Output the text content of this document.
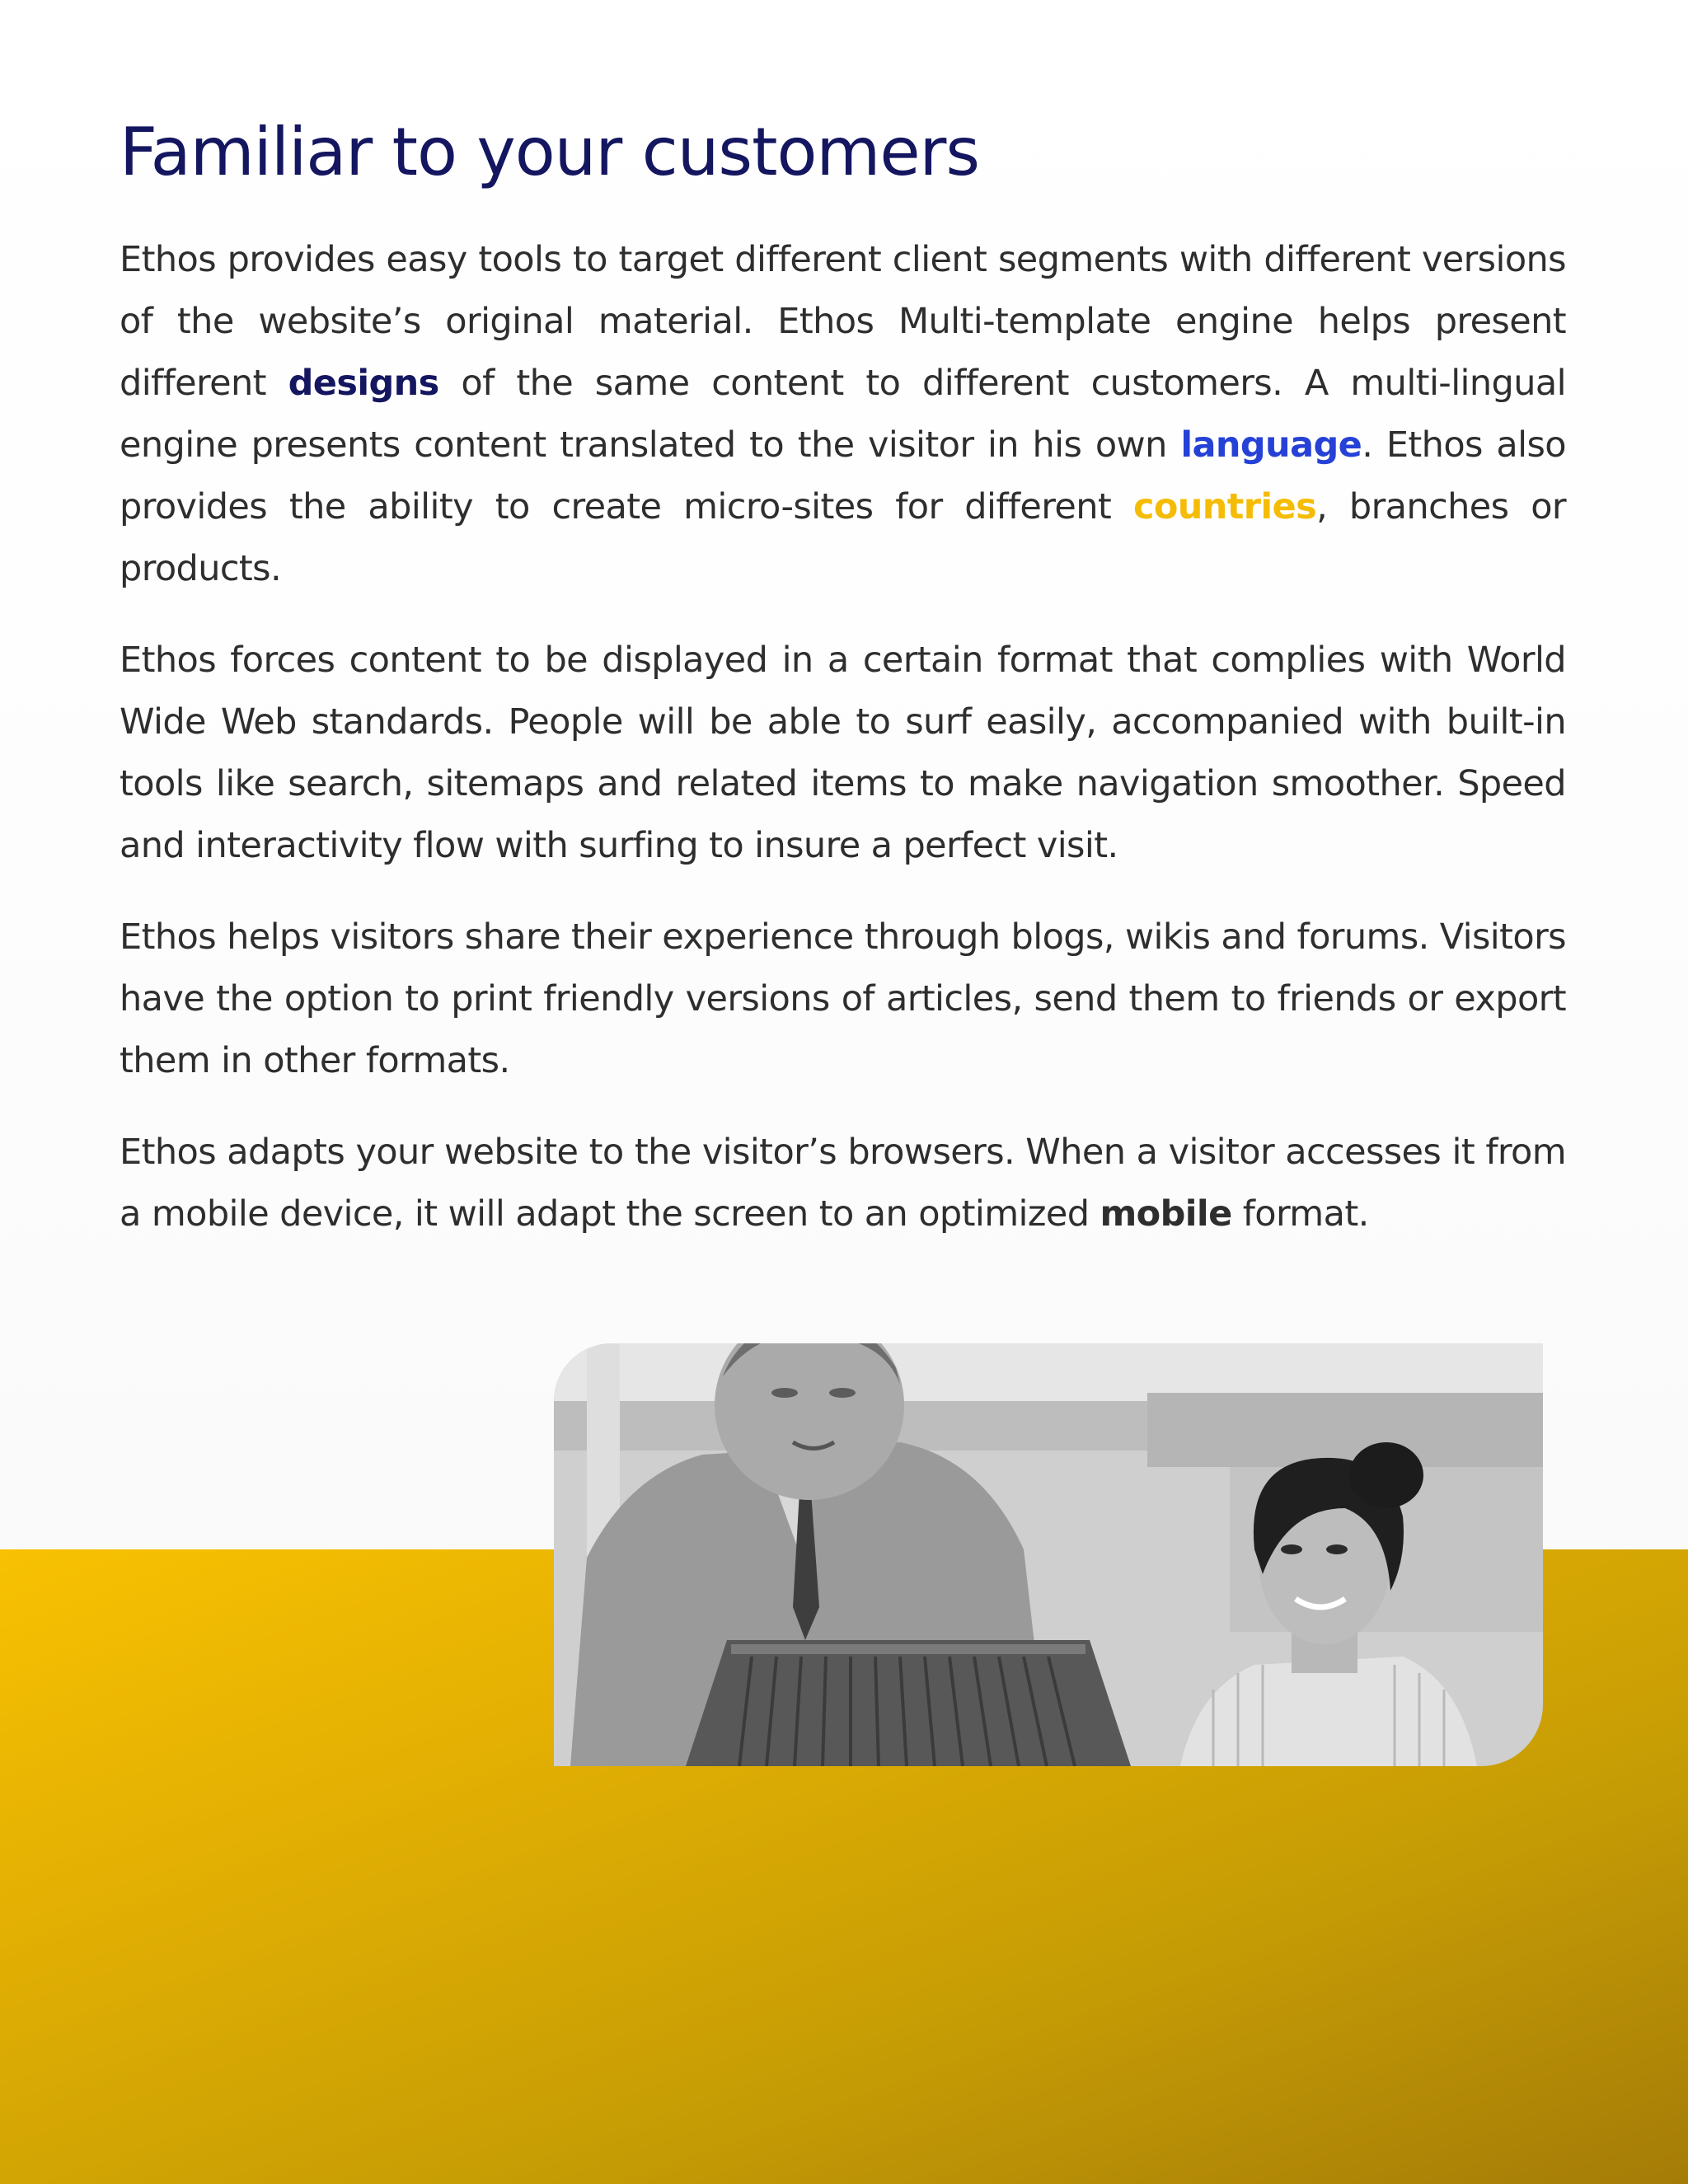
Familiar to your customers

Ethos provides easy tools to target different client segments with different versions of the website’s original material. Ethos Multi-template engine helps present different designs of the same content to different customers. A multi-lingual engine presents content translated to the visitor in his own language. Ethos also provides the ability to create micro-sites for different countries, branches or products.

Ethos forces content to be displayed in a certain format that complies with World Wide Web standards. People will be able to surf easily, accompanied with built-in tools like search, sitemaps and related items to make navigation smoother. Speed and interactivity flow with surfing to insure a perfect visit.

Ethos helps visitors share their experience through blogs, wikis and forums. Visitors have the option to print friendly versions of articles, send them to friends or export them in other formats.

Ethos adapts your website to the visitor’s browsers. When a visitor accesses it from a mobile device, it will adapt the screen to an optimized mobile format.
